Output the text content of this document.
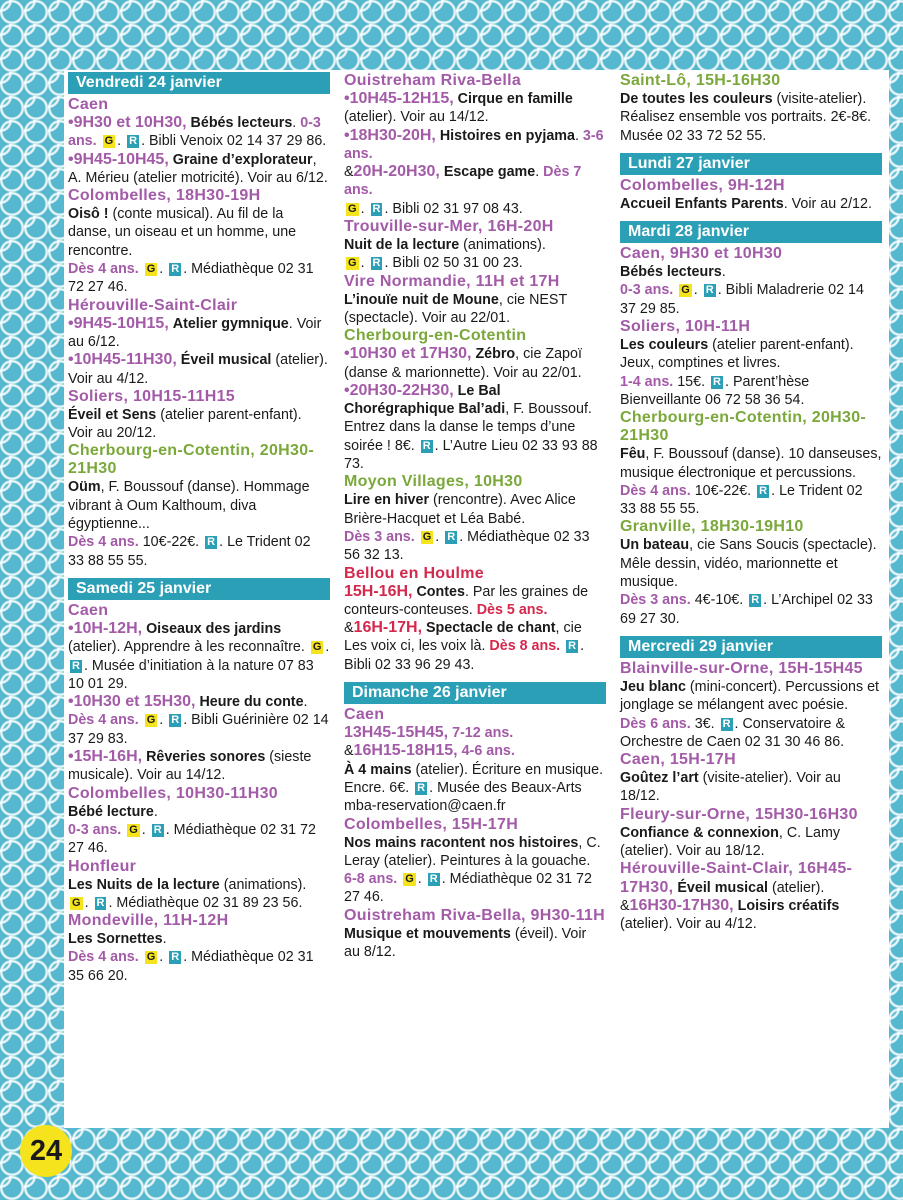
Vendredi 24 janvier
Caen

•9H30 et 10H30, Bébés lecteurs. 0-3 ans. G . R . Bibli Venoix 02 14 37 29 86.

•9H45-10H45, Graine d’explorateur, A. Mérieu (atelier motricité). Voir au 6/12.

Colombelles, 18H30-19H

Oisô ! (conte musical). Au fil de la danse, un oiseau et un homme, une rencontre.
Dès 4 ans. G . R . Médiathèque 02 31 72 27 46.

Hérouville-Saint-Clair

•9H45-10H15, Atelier gymnique. Voir au 6/12.

•10H45-11H30, Éveil musical (atelier). Voir au 4/12.

Soliers, 10H15-11H15

Éveil et Sens (atelier parent-enfant). Voir au 20/12.

Cherbourg-en-Cotentin, 20H30-21H30

Oüm, F. Boussouf (danse). Hommage vibrant à Oum Kalthoum, diva égyptienne...
Dès 4 ans. 10€-22€. R . Le Trident 02 33 88 55 55.

Samedi 25 janvier
Caen

•10H-12H, Oiseaux des jardins (atelier). Apprendre à les reconnaître. G . R . Musée d’initiation à la nature 07 83 10 01 29.

•10H30 et 15H30, Heure du conte. Dès 4 ans. G . R . Bibli Guérinière 02 14 37 29 83.

•15H-16H, Rêveries sonores (sieste musicale). Voir au 14/12.

Colombelles, 10H30-11H30

Bébé lecture.
0-3 ans. G . R . Médiathèque 02 31 72 27 46.

Honfleur

Les Nuits de la lecture (animations).
G . R . Médiathèque 02 31 89 23 56.

Mondeville, 11H-12H

Les Sornettes.
Dès 4 ans. G . R . Médiathèque 02 31 35 66 20.

Ouistreham Riva-Bella

•10H45-12H15, Cirque en famille (atelier). Voir au 14/12.

•18H30-20H, Histoires en pyjama. 3-6 ans.
&20H-20H30, Escape game. Dès 7 ans.
G . R . Bibli 02 31 97 08 43.

Trouville-sur-Mer, 16H-20H

Nuit de la lecture (animations).
G . R . Bibli 02 50 31 00 23.

Vire Normandie, 11H et 17H

L’inouïe nuit de Moune, cie NEST (spectacle). Voir au 22/01.

Cherbourg-en-Cotentin

•10H30 et 17H30, Zébro, cie Zapoï (danse & marionnette). Voir au 22/01.

•20H30-22H30, Le Bal Chorégraphique Bal’adi, F. Boussouf. Entrez dans la danse le temps d’une soirée ! 8€. R . L’Autre Lieu 02 33 93 88 73.

Moyon Villages, 10H30

Lire en hiver (rencontre). Avec Alice Brière-Hacquet et Léa Babé.
Dès 3 ans. G . R . Médiathèque 02 33 56 32 13.

Bellou en Houlme

15H-16H, Contes. Par les graines de conteurs-conteuses. Dès 5 ans.

&16H-17H, Spectacle de chant, cie Les voix ci, les voix là. Dès 8 ans. R . Bibli 02 33 96 29 43.

Dimanche 26 janvier
Caen

13H45-15H45, 7-12 ans.
&16H15-18H15, 4-6 ans.
À 4 mains (atelier). Écriture en musique. Encre. 6€. R . Musée des Beaux-Arts mba-reservation@caen.fr

Colombelles, 15H-17H

Nos mains racontent nos histoires, C. Leray (atelier). Peintures à la gouache.
6-8 ans. G . R . Médiathèque 02 31 72 27 46.

Ouistreham Riva-Bella, 9H30-11H

Musique et mouvements (éveil). Voir au 8/12.

Saint-Lô, 15H-16H30

De toutes les couleurs (visite-atelier). Réalisez ensemble vos portraits. 2€-8€. Musée 02 33 72 52 55.

Lundi 27 janvier
Colombelles, 9H-12H

Accueil Enfants Parents. Voir au 2/12.

Mardi 28 janvier
Caen, 9H30 et 10H30

Bébés lecteurs.
0-3 ans. G . R . Bibli Maladrerie 02 14 37 29 85.

Soliers, 10H-11H

Les couleurs (atelier parent-enfant). Jeux, comptines et livres.
1-4 ans. 15€. R . Parent’hèse Bienveillante 06 72 58 36 54.

Cherbourg-en-Cotentin, 20H30-21H30

Fêu, F. Boussouf (danse). 10 danseuses, musique électronique et percussions.
Dès 4 ans. 10€-22€. R . Le Trident 02 33 88 55 55.

Granville, 18H30-19H10

Un bateau, cie Sans Soucis (spectacle). Mêle dessin, vidéo, marionnette et musique.
Dès 3 ans. 4€-10€. R . L’Archipel 02 33 69 27 30.

Mercredi 29 janvier
Blainville-sur-Orne, 15H-15H45

Jeu blanc (mini-concert). Percussions et jonglage se mélangent avec poésie.
Dès 6 ans. 3€. R . Conservatoire & Orchestre de Caen 02 31 30 46 86.

Caen, 15H-17H

Goûtez l’art (visite-atelier). Voir au 18/12.

Fleury-sur-Orne, 15H30-16H30

Confiance & connexion, C. Lamy (atelier). Voir au 18/12.

Hérouville-Saint-Clair, 16H45-17H30, Éveil musical (atelier).
&16H30-17H30, Loisirs créatifs (atelier). Voir au 4/12.

24
